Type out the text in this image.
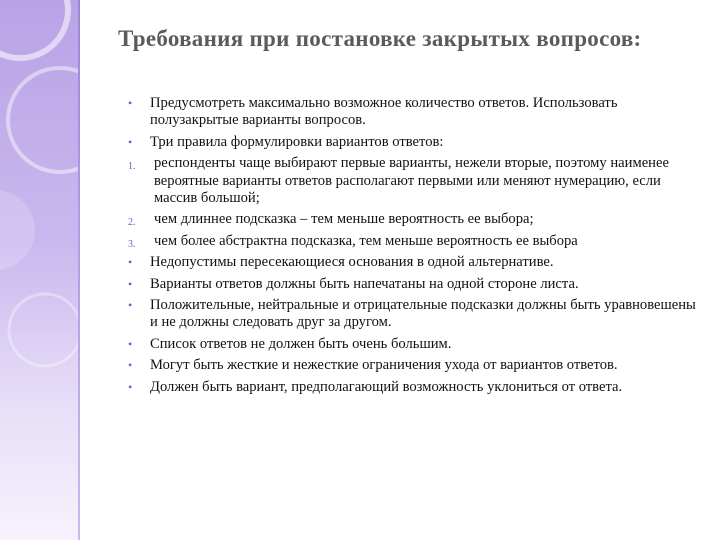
Требования при постановке закрытых вопросов:
• Предусмотреть максимально возможное количество ответов. Использовать полузакрытые варианты вопросов.
• Три правила формулировки вариантов ответов:
1. респонденты чаще выбирают первые варианты, нежели вторые, поэтому наименее вероятные варианты ответов располагают первыми или меняют нумерацию, если массив большой;
2. чем длиннее подсказка – тем меньше вероятность ее выбора;
3. чем более абстрактна подсказка, тем меньше вероятность ее выбора
• Недопустимы пересекающиеся основания в одной альтернативе.
• Варианты ответов должны быть напечатаны на одной стороне листа.
• Положительные, нейтральные и отрицательные подсказки должны быть уравновешены и не должны следовать друг за другом.
• Список ответов не должен быть очень большим.
• Могут быть жесткие и нежесткие ограничения ухода от вариантов ответов.
• Должен быть вариант, предполагающий возможность уклониться от ответа.
